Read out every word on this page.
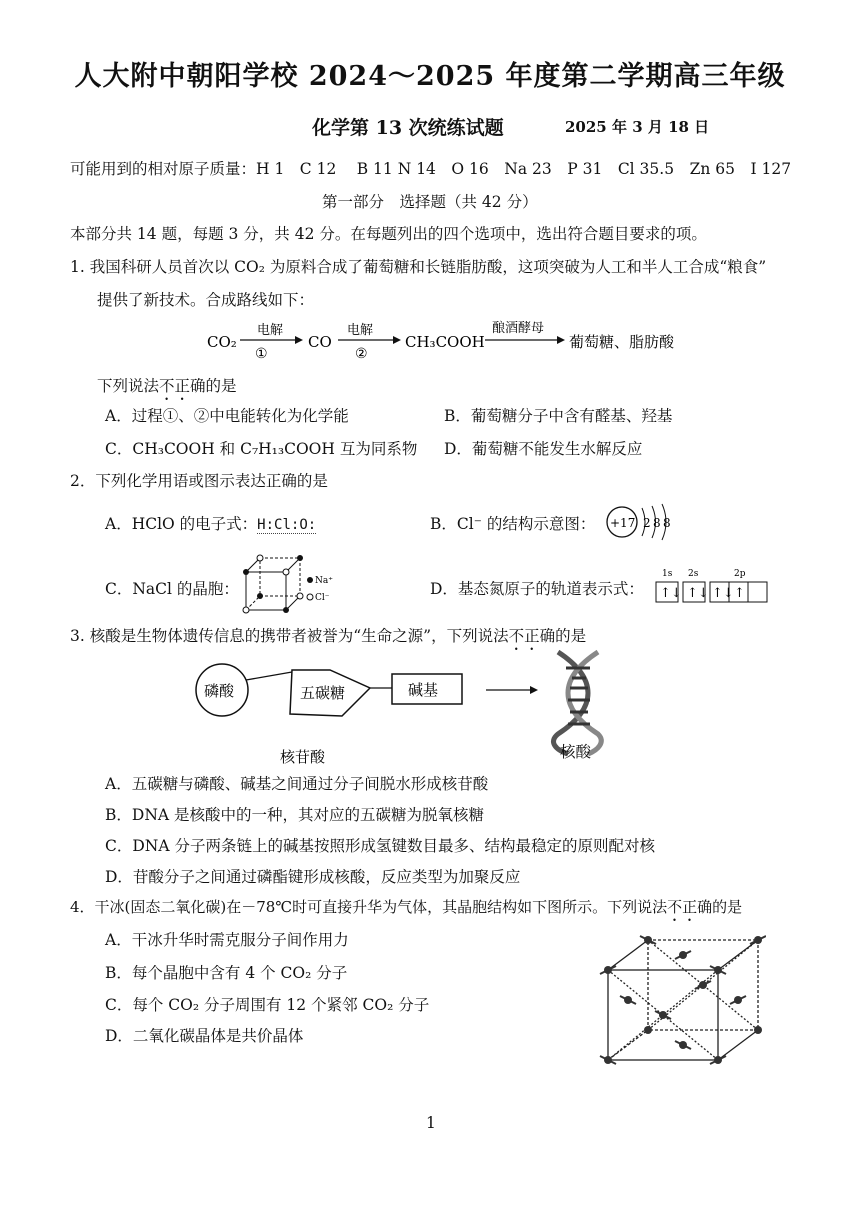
人大附中朝阳学校 2024～2025 年度第二学期高三年级
化学第 13 次统练试题	2025 年 3 月 18 日
可能用到的相对原子质量：H 1　C 12　 B 11 N 14　O 16　Na 23　P 31　Cl 35.5　Zn 65　I 127
第一部分　选择题（共 42 分）
本部分共 14 题，每题 3 分，共 42 分。在每题列出的四个选项中，选出符合题目要求的项。
1. 我国科研人员首次以 CO₂ 为原料合成了葡萄糖和长链脂肪酸，这项突破为人工和半人工合成“粮食”
提供了新技术。合成路线如下：
CO₂
电解
①
CO
电解
②
CH₃COOH
酿酒酵母
葡萄糖、脂肪酸
下列说法不正确的是
A．过程①、②中电能转化为化学能	B．葡萄糖分子中含有醛基、羟基
C．CH₃COOH 和 C₇H₁₃COOH 互为同系物 D．葡萄糖不能发生水解反应
2．下列化学用语或图示表达正确的是
A．HClO 的电子式：H:Cl:O:	B．Cl⁻ 的结构示意图： +17 2 8 8
C．NaCl 的晶胞：	Na⁺
Cl⁻	D．基态氮原子的轨道表示式：
1s 2s	2p
↑↓ ↑↓ ↑↓ ↑
3. 核酸是生物体遗传信息的携带者被誉为“生命之源”，下列说法不正确的是
磷酸	五碳糖	碱基
核苷酸	核酸
A．五碳糖与磷酸、碱基之间通过分子间脱水形成核苷酸
B．DNA 是核酸中的一种，其对应的五碳糖为脱氧核糖
C．DNA 分子两条链上的碱基按照形成氢键数目最多、结构最稳定的原则配对核
D．苷酸分子之间通过磷酯键形成核酸，反应类型为加聚反应
4．干冰(固态二氧化碳)在－78℃时可直接升华为气体，其晶胞结构如下图所示。下列说法不正确的是
A．干冰升华时需克服分子间作用力
B．每个晶胞中含有 4 个 CO₂ 分子
C．每个 CO₂ 分子周围有 12 个紧邻 CO₂ 分子
D．二氧化碳晶体是共价晶体
1
